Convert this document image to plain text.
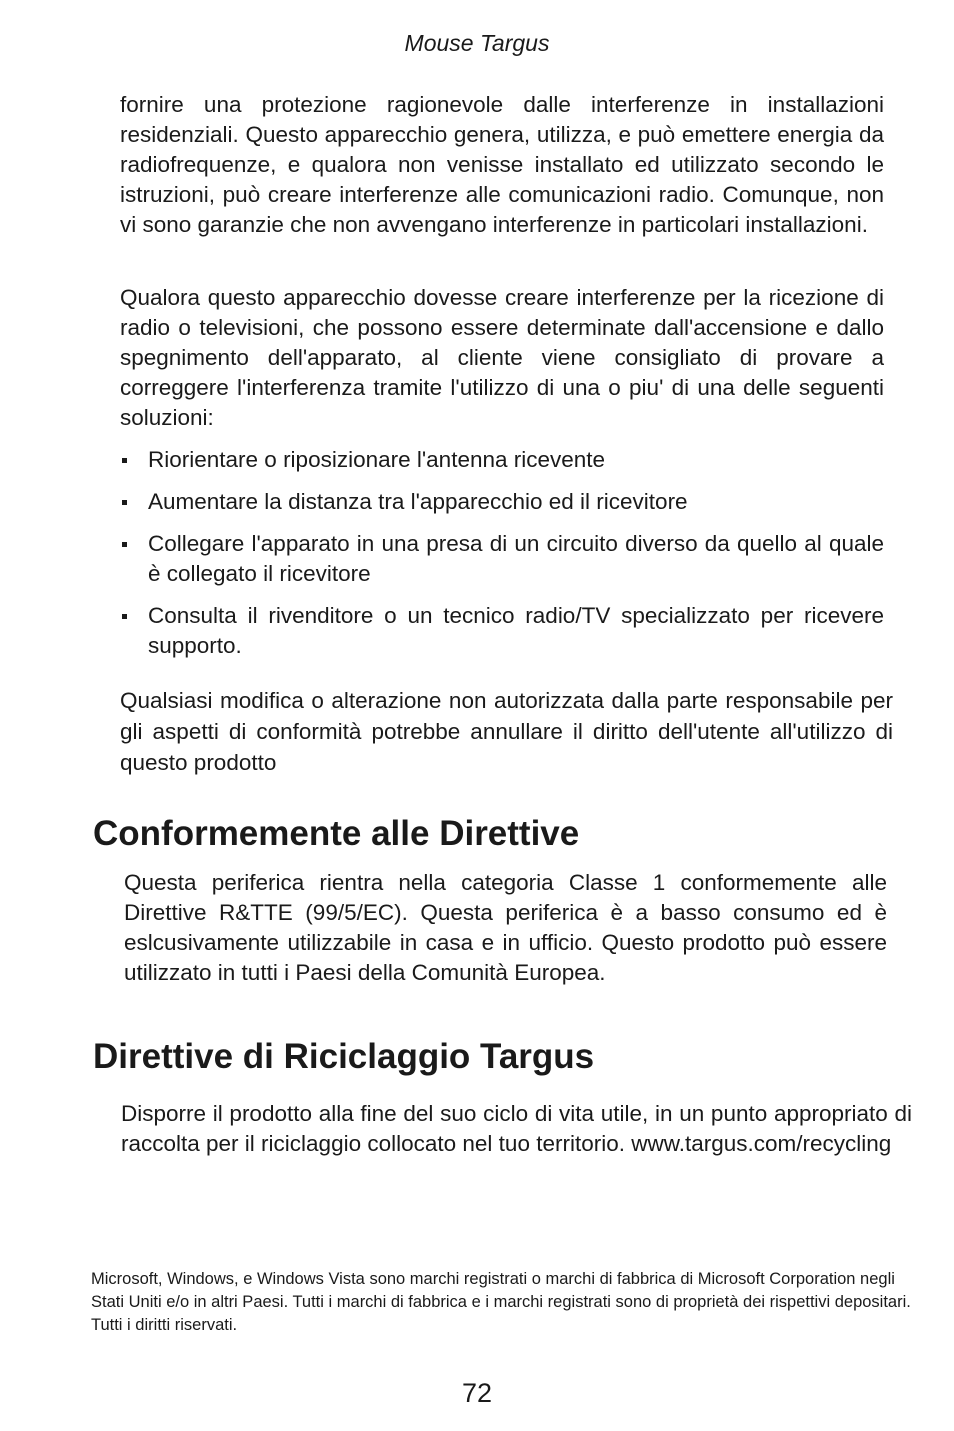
Mouse Targus

fornire una protezione ragionevole dalle interferenze in installazioni residenziali. Questo apparecchio genera, utilizza, e può emettere energia da radiofrequenze, e qualora non venisse installato ed utilizzato secondo le istruzioni, può creare interferenze alle comunicazioni radio. Comunque, non vi sono garanzie che non avvengano interferenze in particolari installazioni.

Qualora questo apparecchio dovesse creare interferenze per la ricezione di radio o televisioni, che possono essere determinate dall'accensione e dallo spegnimento dell'apparato, al cliente viene consigliato di provare a correggere l'interferenza tramite l'utilizzo di una o piu' di una delle seguenti soluzioni:

Riorientare o riposizionare l'antenna ricevente
Aumentare la distanza tra l'apparecchio ed il ricevitore
Collegare l'apparato in una presa di un circuito diverso da quello al quale è collegato il ricevitore
Consulta il rivenditore o un tecnico radio/TV specializzato per ricevere supporto.

Qualsiasi modifica o alterazione non autorizzata dalla parte responsabile per gli aspetti di conformità potrebbe annullare il diritto dell'utente all'utilizzo di questo prodotto

Conformemente alle Direttive

Questa periferica rientra nella categoria Classe 1 conformemente alle Direttive R&TTE (99/5/EC). Questa periferica è a basso consumo ed è eslcusivamente utilizzabile in casa e in ufficio. Questo prodotto può essere utilizzato in tutti i Paesi della Comunità Europea.

Direttive di Riciclaggio Targus

Disporre il prodotto alla fine del suo ciclo di vita utile, in un punto appropriato di raccolta per il riciclaggio collocato nel tuo territorio. www.targus.com/recycling

Microsoft, Windows, e Windows Vista sono marchi registrati o marchi di fabbrica di Microsoft Corporation negli Stati Uniti e/o in altri Paesi. Tutti i marchi di fabbrica e i marchi registrati sono di proprietà dei rispettivi depositari. Tutti i diritti riservati.

72
